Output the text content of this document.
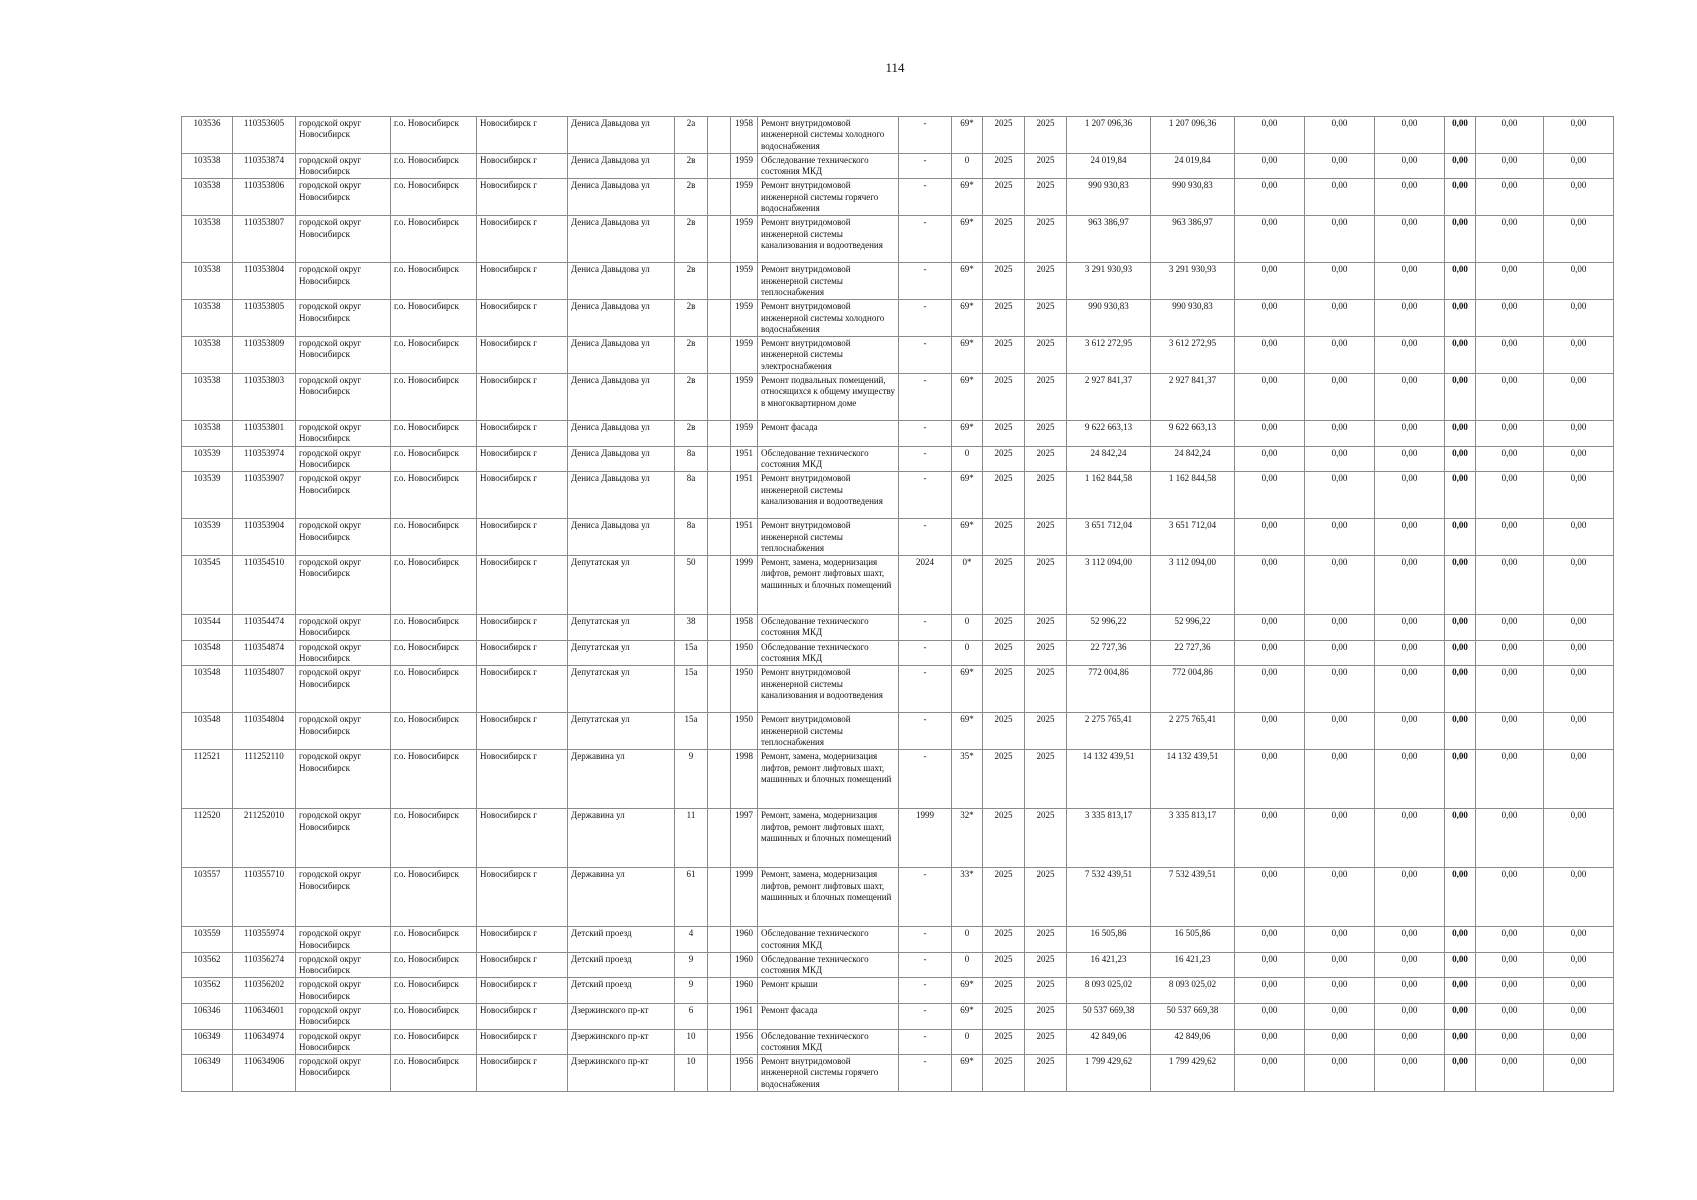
114
103536	110353605	городской округ Новосибирск	г.о. Новосибирск	Новосибирск г	Дениса Давыдова ул	2а		1958	Ремонт внутридомовой инженерной системы холодного водоснабжения	-	69*	2025	2025	1 207 096,36	1 207 096,36	0,00	0,00	0,00	0,00	0,00	0,00
103538	110353874	городской округ Новосибирск	г.о. Новосибирск	Новосибирск г	Дениса Давыдова ул	2в		1959	Обследование технического состояния МКД	-	0	2025	2025	24 019,84	24 019,84	0,00	0,00	0,00	0,00	0,00	0,00
103538	110353806	городской округ Новосибирск	г.о. Новосибирск	Новосибирск г	Дениса Давыдова ул	2в		1959	Ремонт внутридомовой инженерной системы горячего водоснабжения	-	69*	2025	2025	990 930,83	990 930,83	0,00	0,00	0,00	0,00	0,00	0,00
103538	110353807	городской округ Новосибирск	г.о. Новосибирск	Новосибирск г	Дениса Давыдова ул	2в		1959	Ремонт внутридомовой инженерной системы канализования и водоотведения	-	69*	2025	2025	963 386,97	963 386,97	0,00	0,00	0,00	0,00	0,00	0,00
103538	110353804	городской округ Новосибирск	г.о. Новосибирск	Новосибирск г	Дениса Давыдова ул	2в		1959	Ремонт внутридомовой инженерной системы теплоснабжения	-	69*	2025	2025	3 291 930,93	3 291 930,93	0,00	0,00	0,00	0,00	0,00	0,00
103538	110353805	городской округ Новосибирск	г.о. Новосибирск	Новосибирск г	Дениса Давыдова ул	2в		1959	Ремонт внутридомовой инженерной системы холодного водоснабжения	-	69*	2025	2025	990 930,83	990 930,83	0,00	0,00	0,00	0,00	0,00	0,00
103538	110353809	городской округ Новосибирск	г.о. Новосибирск	Новосибирск г	Дениса Давыдова ул	2в		1959	Ремонт внутридомовой инженерной системы электроснабжения	-	69*	2025	2025	3 612 272,95	3 612 272,95	0,00	0,00	0,00	0,00	0,00	0,00
103538	110353803	городской округ Новосибирск	г.о. Новосибирск	Новосибирск г	Дениса Давыдова ул	2в		1959	Ремонт подвальных помещений, относящихся к общему имуществу в многоквартирном доме	-	69*	2025	2025	2 927 841,37	2 927 841,37	0,00	0,00	0,00	0,00	0,00	0,00
103538	110353801	городской округ Новосибирск	г.о. Новосибирск	Новосибирск г	Дениса Давыдова ул	2в		1959	Ремонт фасада	-	69*	2025	2025	9 622 663,13	9 622 663,13	0,00	0,00	0,00	0,00	0,00	0,00
103539	110353974	городской округ Новосибирск	г.о. Новосибирск	Новосибирск г	Дениса Давыдова ул	8а		1951	Обследование технического состояния МКД	-	0	2025	2025	24 842,24	24 842,24	0,00	0,00	0,00	0,00	0,00	0,00
103539	110353907	городской округ Новосибирск	г.о. Новосибирск	Новосибирск г	Дениса Давыдова ул	8а		1951	Ремонт внутридомовой инженерной системы канализования и водоотведения	-	69*	2025	2025	1 162 844,58	1 162 844,58	0,00	0,00	0,00	0,00	0,00	0,00
103539	110353904	городской округ Новосибирск	г.о. Новосибирск	Новосибирск г	Дениса Давыдова ул	8а		1951	Ремонт внутридомовой инженерной системы теплоснабжения	-	69*	2025	2025	3 651 712,04	3 651 712,04	0,00	0,00	0,00	0,00	0,00	0,00
103545	110354510	городской округ Новосибирск	г.о. Новосибирск	Новосибирск г	Депутатская ул	50		1999	Ремонт, замена, модернизация лифтов, ремонт лифтовых шахт, машинных и блочных помещений	2024	0*	2025	2025	3 112 094,00	3 112 094,00	0,00	0,00	0,00	0,00	0,00	0,00
103544	110354474	городской округ Новосибирск	г.о. Новосибирск	Новосибирск г	Депутатская ул	38		1958	Обследование технического состояния МКД	-	0	2025	2025	52 996,22	52 996,22	0,00	0,00	0,00	0,00	0,00	0,00
103548	110354874	городской округ Новосибирск	г.о. Новосибирск	Новосибирск г	Депутатская ул	15а		1950	Обследование технического состояния МКД	-	0	2025	2025	22 727,36	22 727,36	0,00	0,00	0,00	0,00	0,00	0,00
103548	110354807	городской округ Новосибирск	г.о. Новосибирск	Новосибирск г	Депутатская ул	15а		1950	Ремонт внутридомовой инженерной системы канализования и водоотведения	-	69*	2025	2025	772 004,86	772 004,86	0,00	0,00	0,00	0,00	0,00	0,00
103548	110354804	городской округ Новосибирск	г.о. Новосибирск	Новосибирск г	Депутатская ул	15а		1950	Ремонт внутридомовой инженерной системы теплоснабжения	-	69*	2025	2025	2 275 765,41	2 275 765,41	0,00	0,00	0,00	0,00	0,00	0,00
112521	111252110	городской округ Новосибирск	г.о. Новосибирск	Новосибирск г	Державина ул	9		1998	Ремонт, замена, модернизация лифтов, ремонт лифтовых шахт, машинных и блочных помещений	-	35*	2025	2025	14 132 439,51	14 132 439,51	0,00	0,00	0,00	0,00	0,00	0,00
112520	211252010	городской округ Новосибирск	г.о. Новосибирск	Новосибирск г	Державина ул	11		1997	Ремонт, замена, модернизация лифтов, ремонт лифтовых шахт, машинных и блочных помещений	1999	32*	2025	2025	3 335 813,17	3 335 813,17	0,00	0,00	0,00	0,00	0,00	0,00
103557	110355710	городской округ Новосибирск	г.о. Новосибирск	Новосибирск г	Державина ул	61		1999	Ремонт, замена, модернизация лифтов, ремонт лифтовых шахт, машинных и блочных помещений	-	33*	2025	2025	7 532 439,51	7 532 439,51	0,00	0,00	0,00	0,00	0,00	0,00
103559	110355974	городской округ Новосибирск	г.о. Новосибирск	Новосибирск г	Детский проезд	4		1960	Обследование технического состояния МКД	-	0	2025	2025	16 505,86	16 505,86	0,00	0,00	0,00	0,00	0,00	0,00
103562	110356274	городской округ Новосибирск	г.о. Новосибирск	Новосибирск г	Детский проезд	9		1960	Обследование технического состояния МКД	-	0	2025	2025	16 421,23	16 421,23	0,00	0,00	0,00	0,00	0,00	0,00
103562	110356202	городской округ Новосибирск	г.о. Новосибирск	Новосибирск г	Детский проезд	9		1960	Ремонт крыши	-	69*	2025	2025	8 093 025,02	8 093 025,02	0,00	0,00	0,00	0,00	0,00	0,00
106346	110634601	городской округ Новосибирск	г.о. Новосибирск	Новосибирск г	Дзержинского пр-кт	6		1961	Ремонт фасада	-	69*	2025	2025	50 537 669,38	50 537 669,38	0,00	0,00	0,00	0,00	0,00	0,00
106349	110634974	городской округ Новосибирск	г.о. Новосибирск	Новосибирск г	Дзержинского пр-кт	10		1956	Обследование технического состояния МКД	-	0	2025	2025	42 849,06	42 849,06	0,00	0,00	0,00	0,00	0,00	0,00
106349	110634906	городской округ Новосибирск	г.о. Новосибирск	Новосибирск г	Дзержинского пр-кт	10		1956	Ремонт внутридомовой инженерной системы горячего водоснабжения	-	69*	2025	2025	1 799 429,62	1 799 429,62	0,00	0,00	0,00	0,00	0,00	0,00
